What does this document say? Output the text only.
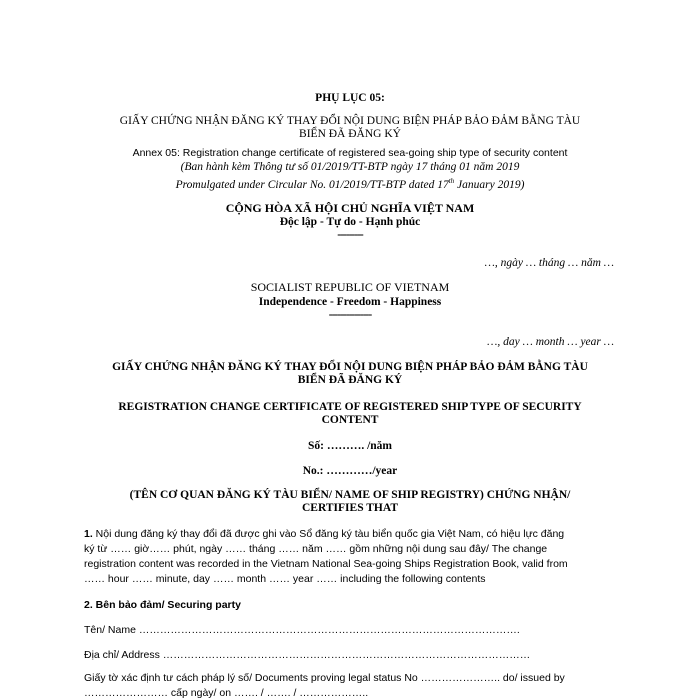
PHỤ LỤC 05:
GIẤY CHỨNG NHẬN ĐĂNG KÝ THAY ĐỔI NỘI DUNG BIỆN PHÁP BẢO ĐẢM BẰNG TÀU
BIỂN ĐÃ ĐĂNG KÝ
Annex 05: Registration change certificate of registered sea-going ship type of security content
(Ban hành kèm Thông tư số 01/2019/TT-BTP ngày 17 tháng 01 năm 2019
Promulgated under Circular No. 01/2019/TT-BTP dated 17th January 2019)
CỘNG HÒA XÃ HỘI CHỦ NGHĨA VIỆT NAM
Độc lập - Tự do - Hạnh phúc
---------
…, ngày … tháng … năm …
SOCIALIST REPUBLIC OF VIETNAM
Independence - Freedom - Happiness
---------------
…, day … month … year …
GIẤY CHỨNG NHẬN ĐĂNG KÝ THAY ĐỔI NỘI DUNG BIỆN PHÁP BẢO ĐẢM BẰNG TÀU
BIỂN ĐÃ ĐĂNG KÝ
REGISTRATION CHANGE CERTIFICATE OF REGISTERED SHIP TYPE OF SECURITY
CONTENT
Số: ………. /năm
No.: …………/year
(TÊN CƠ QUAN ĐĂNG KÝ TÀU BIỂN/ NAME OF SHIP REGISTRY) CHỨNG NHẬN/
CERTIFIES THAT
1. Nội dung đăng ký thay đổi đã được ghi vào Sổ đăng ký tàu biển quốc gia Việt Nam, có hiệu lực đăng
ký từ …… giờ…… phút, ngày …… tháng …… năm …… gồm những nội dung sau đây/ The change
registration content was recorded in the Vietnam National Sea-going Ships Registration Book, valid from
…… hour …… minute, day …… month …… year …… including the following contents
2. Bên bảo đảm/ Securing party
Tên/ Name ……………………………………………………………………………………………….
Địa chỉ/ Address ……………………………………………………………………………………………
Giấy tờ xác định tư cách pháp lý số/ Documents proving legal status No ………………….. do/ issued by
…………………… cấp ngày/ on ……. / ……. / ………………..
